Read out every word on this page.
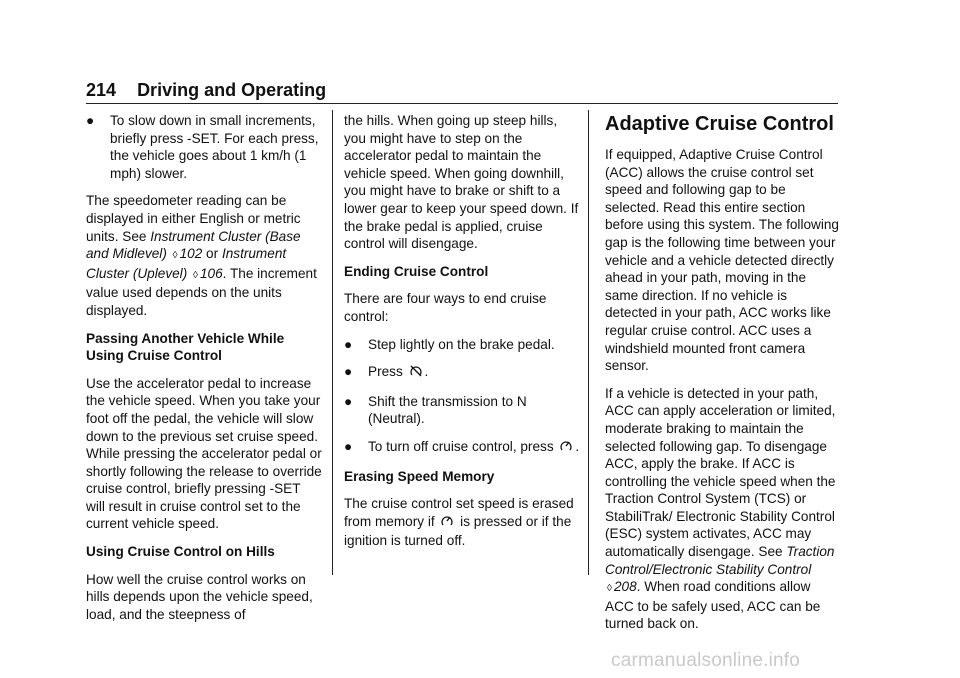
214 Driving and Operating
●	To slow down in small increments, briefly press -SET. For each press, the vehicle goes about 1 km/h (1 mph) slower.

The speedometer reading can be displayed in either English or metric units. See Instrument Cluster (Base and Midlevel) ◊ 102 or Instrument Cluster (Uplevel) ◊ 106. The increment value used depends on the units displayed.

Passing Another Vehicle While Using Cruise Control

Use the accelerator pedal to increase the vehicle speed. When you take your foot off the pedal, the vehicle will slow down to the previous set cruise speed. While pressing the accelerator pedal or shortly following the release to override cruise control, briefly pressing -SET will result in cruise control set to the current vehicle speed.

Using Cruise Control on Hills

How well the cruise control works on hills depends upon the vehicle speed, load, and the steepness of

the hills. When going up steep hills, you might have to step on the accelerator pedal to maintain the vehicle speed. When going downhill, you might have to brake or shift to a lower gear to keep your speed down. If the brake pedal is applied, cruise control will disengage.

Ending Cruise Control

There are four ways to end cruise control:

●	Step lightly on the brake pedal.
●	Press .
●	Shift the transmission to N (Neutral).
●	To turn off cruise control, press .

Erasing Speed Memory

The cruise control set speed is erased from memory if  is pressed or if the ignition is turned off.

Adaptive Cruise Control

If equipped, Adaptive Cruise Control (ACC) allows the cruise control set speed and following gap to be selected. Read this entire section before using this system. The following gap is the following time between your vehicle and a vehicle detected directly ahead in your path, moving in the same direction. If no vehicle is detected in your path, ACC works like regular cruise control. ACC uses a windshield mounted front camera sensor.

If a vehicle is detected in your path, ACC can apply acceleration or limited, moderate braking to maintain the selected following gap. To disengage ACC, apply the brake. If ACC is controlling the vehicle speed when the Traction Control System (TCS) or StabiliTrak/ Electronic Stability Control (ESC) system activates, ACC may automatically disengage. See Traction Control/Electronic Stability Control ◊ 208. When road conditions allow ACC to be safely used, ACC can be turned back on.

carmanualsonline.info
